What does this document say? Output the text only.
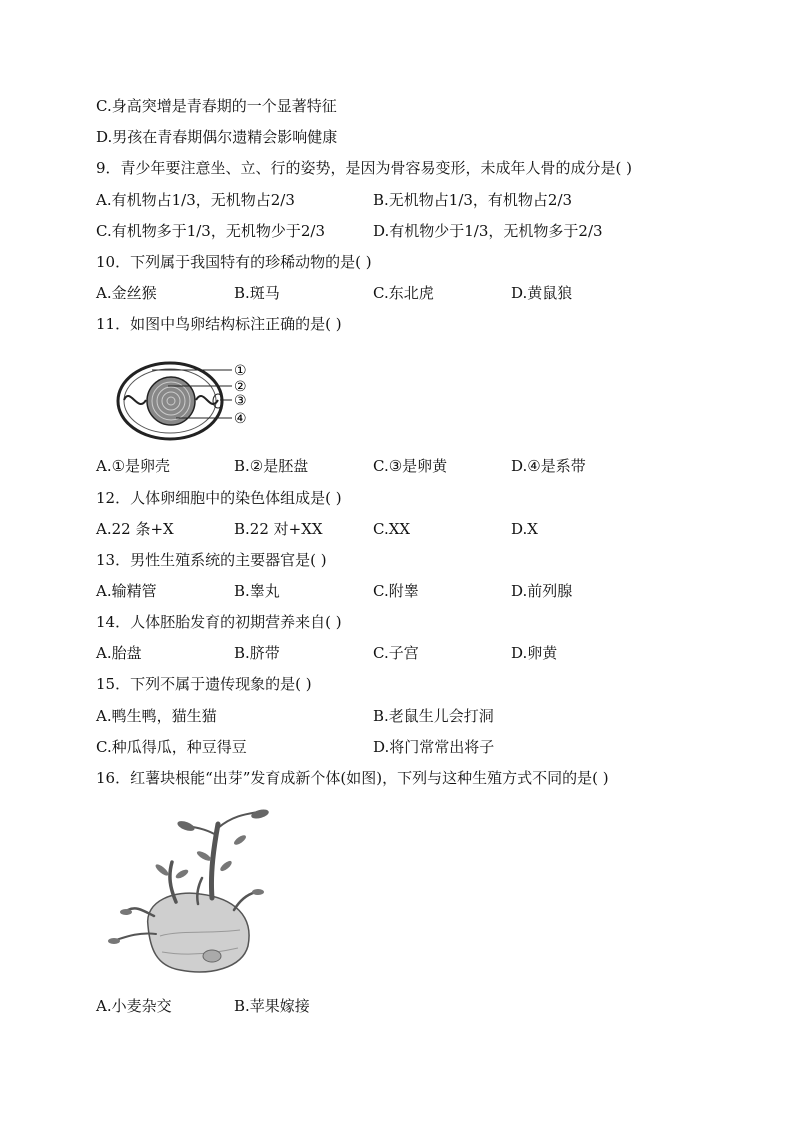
C.身高突增是青春期的一个显著特征
D.男孩在青春期偶尔遗精会影响健康
9．青少年要注意坐、立、行的姿势，是因为骨容易变形，未成年人骨的成分是( )
A.有机物占1/3，无机物占2/3	B.无机物占1/3，有机物占2/3
C.有机物多于1/3，无机物少于2/3	D.有机物少于1/3，无机物多于2/3
10．下列属于我国特有的珍稀动物的是( )
A.金丝猴	B.斑马	C.东北虎	D.黄鼠狼
11．如图中鸟卵结构标注正确的是( )
①
②
③
④
A.①是卵壳	B.②是胚盘	C.③是卵黄	D.④是系带
12．人体卵细胞中的染色体组成是( )
A.22 条+X	B.22 对+XX	C.XX	D.X
13．男性生殖系统的主要器官是( )
A.输精管	B.睾丸	C.附睾	D.前列腺
14．人体胚胎发育的初期营养来自( )
A.胎盘	B.脐带	C.子宫	D.卵黄
15．下列不属于遗传现象的是( )
A.鸭生鸭，猫生猫	B.老鼠生儿会打洞
C.种瓜得瓜，种豆得豆	D.将门常常出将子
16．红薯块根能“出芽”发育成新个体(如图)，下列与这种生殖方式不同的是( )
A.小麦杂交	B.苹果嫁接
